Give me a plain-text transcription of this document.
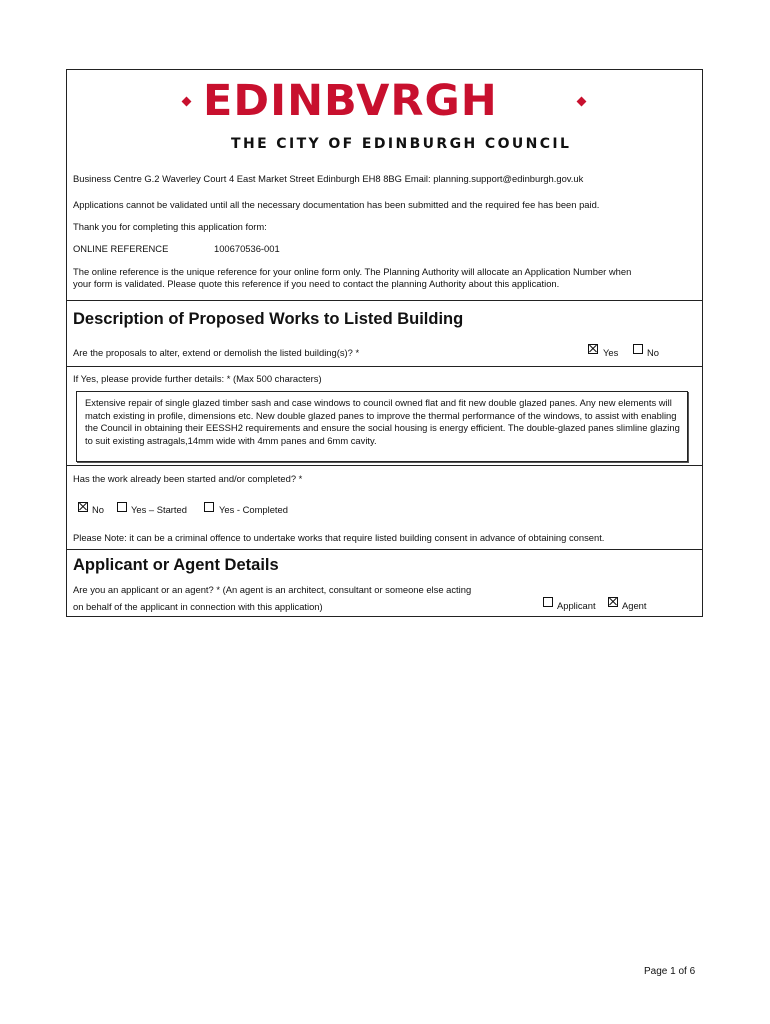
EDINBVRGH
THE CITY OF EDINBURGH COUNCIL
Business Centre G.2 Waverley Court 4 East Market Street Edinburgh EH8 8BG Email: planning.support@edinburgh.gov.uk
Applications cannot be validated until all the necessary documentation has been submitted and the required fee has been paid.
Thank you for completing this application form:
ONLINE REFERENCE	100670536-001
The online reference is the unique reference for your online form only. The Planning Authority will allocate an Application Number when
your form is validated. Please quote this reference if you need to contact the planning Authority about this application.
Description of Proposed Works to Listed Building
Are the proposals to alter, extend or demolish the listed building(s)? *	Yes	No
If Yes, please provide further details: * (Max 500 characters)
Extensive repair of single glazed timber sash and case windows to council owned flat and fit new double glazed panes. Any new elements will match existing in profile, dimensions etc. New double glazed panes to improve the thermal performance of the windows, to assist with enabling the Council in obtaining their EESSH2 requirements and ensure the social housing is energy efficient. The double-glazed panes slimline glazing to suit existing astragals,14mm wide with 4mm panes and 6mm cavity.
Has the work already been started and/or completed? *
No	Yes – Started	Yes - Completed
Please Note: it can be a criminal offence to undertake works that require listed building consent in advance of obtaining consent.
Applicant or Agent Details
Are you an applicant or an agent? * (An agent is an architect, consultant or someone else acting
on behalf of the applicant in connection with this application)	Applicant	Agent
Page 1 of 6
